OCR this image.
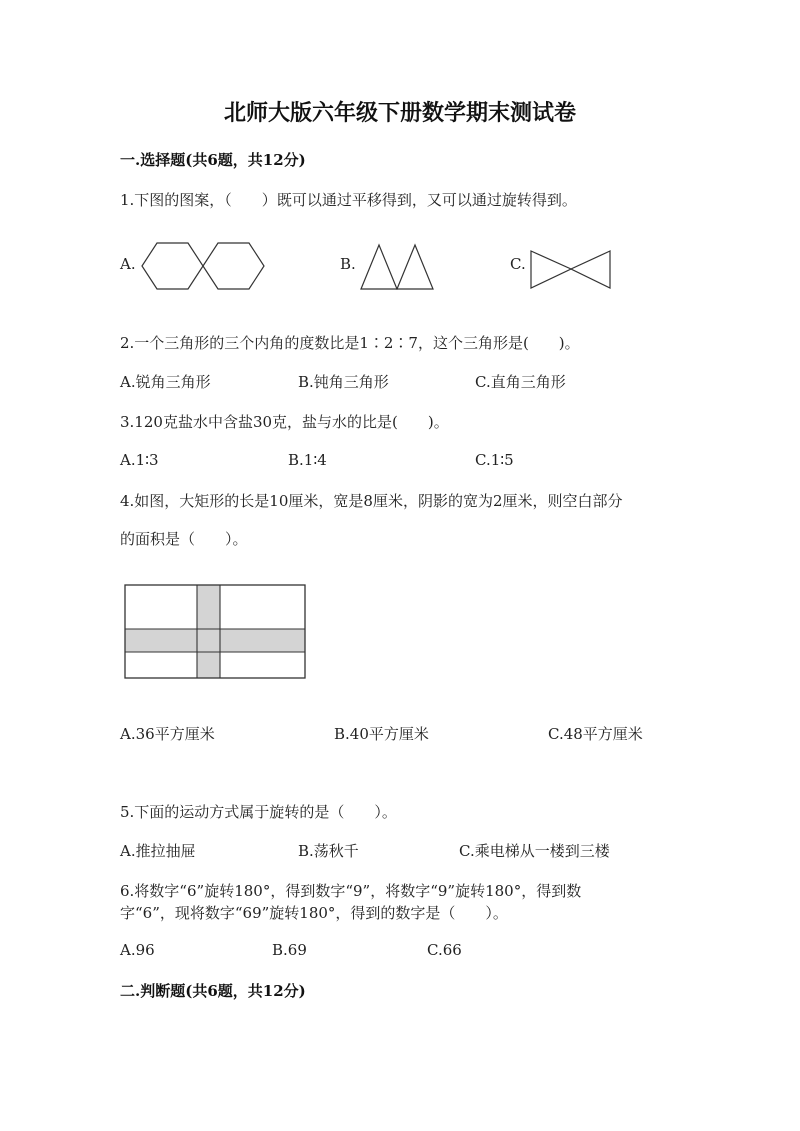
北师大版六年级下册数学期末测试卷
一.选择题(共6题，共12分)
1.下图的图案，（　　）既可以通过平移得到，又可以通过旋转得到。
A.	B.	C.
2.一个三角形的三个内角的度数比是1∶2∶7，这个三角形是(　　)。
A.锐角三角形	B.钝角三角形	C.直角三角形
3.120克盐水中含盐30克，盐与水的比是(　　)。
A.1∶3	B.1∶4	C.1∶5
4.如图，大矩形的长是10厘米，宽是8厘米，阴影的宽为2厘米，则空白部分
的面积是（　　）。
A.36平方厘米	B.40平方厘米	C.48平方厘米
5.下面的运动方式属于旋转的是（　　）。
A.推拉抽屉	B.荡秋千	C.乘电梯从一楼到三楼
6.将数字“6”旋转180°，得到数字“9”，将数字“9”旋转180°，得到数
字“6”，现将数字“69”旋转180°，得到的数字是（　　）。
A.96	B.69	C.66
二.判断题(共6题，共12分)
